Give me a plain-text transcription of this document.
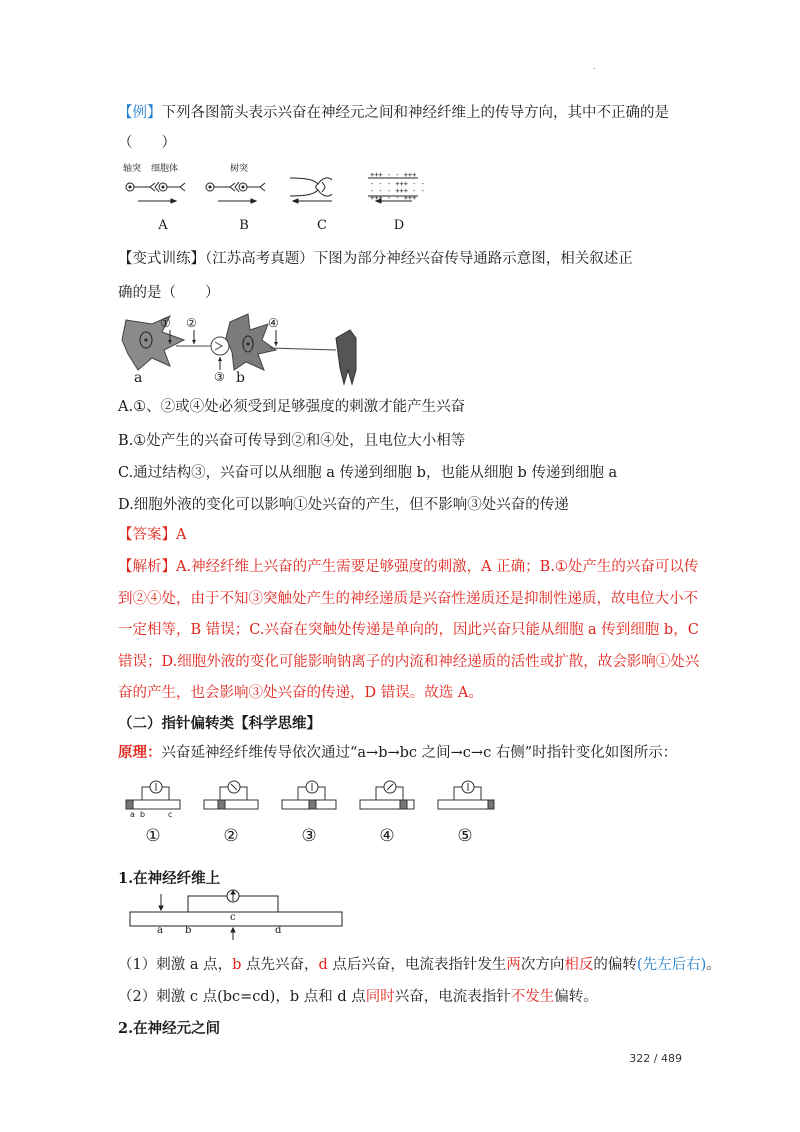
.
【例】下列各图箭头表示兴奋在神经元之间和神经纤维上的传导方向，其中不正确的是
（　　）
轴突 细胞体	树突
+++ - - +++
- - - +++ - -
- - - +++ - -
+++ - - +++
A	B	C	D
【变式训练】（江苏高考真题）下图为部分神经兴奋传导通路示意图，相关叙述正
确的是（　　）
① ②
③
④
a	b
A.①、②或④处必须受到足够强度的刺激才能产生兴奋
B.①处产生的兴奋可传导到②和④处，且电位大小相等
C.通过结构③，兴奋可以从细胞 a 传递到细胞 b，也能从细胞 b 传递到细胞 a
D.细胞外液的变化可以影响①处兴奋的产生，但不影响③处兴奋的传递
【答案】A
【解析】A.神经纤维上兴奋的产生需要足够强度的刺激，A 正确；B.①处产生的兴奋可以传
到②④处，由于不知③突触处产生的神经递质是兴奋性递质还是抑制性递质，故电位大小不
一定相等，B 错误；C.兴奋在突触处传递是单向的，因此兴奋只能从细胞 a 传到细胞 b，C
错误；D.细胞外液的变化可能影响钠离子的内流和神经递质的活性或扩散，故会影响①处兴
奋的产生，也会影响③处兴奋的传递，D 错误。故选 A。
（二）指针偏转类【科学思维】
原理：兴奋延神经纤维传导依次通过“a→b→bc 之间→c→c 右侧”时指针变化如图所示：
a b	c
①	②	③	④	⑤
1.在神经纤维上
a b
c
d
（1）刺激 a 点，b 点先兴奋，d 点后兴奋，电流表指针发生两次方向相反的偏转(先左后右)。
（2）刺激 c 点(bc=cd)，b 点和 d 点同时兴奋，电流表指针不发生偏转。
2.在神经元之间
322 / 489
